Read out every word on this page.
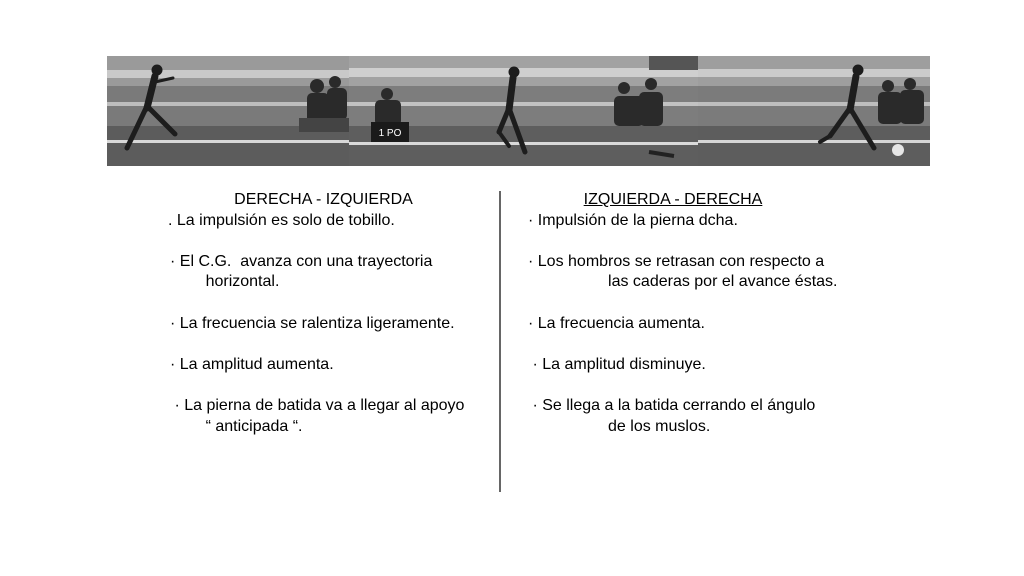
1 PO
DERECHA - IZQUIERDA
. La impulsión es solo de tobillo.
· El C.G.  avanza con una trayectoria
horizontal.
· La frecuencia se ralentiza ligeramente.
· La amplitud aumenta.
· La pierna de batida va a llegar al apoyo
“ anticipada “.
IZQUIERDA - DERECHA
· Impulsión de la pierna dcha.
· Los hombros se retrasan con respecto a
las caderas por el avance éstas.
· La frecuencia aumenta.
· La amplitud disminuye.
· Se llega a la batida cerrando el ángulo
de los muslos.
